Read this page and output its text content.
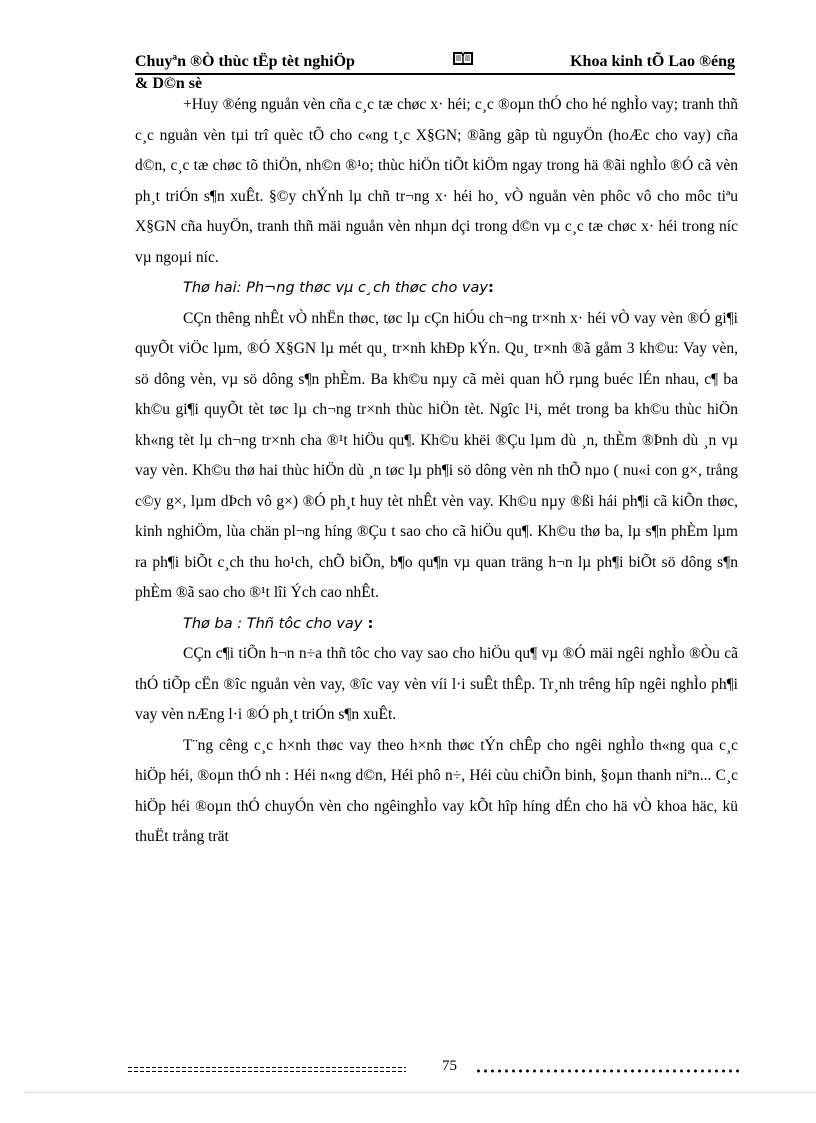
Chuyªn ®Ò thùc tËp tèt nghiÖp	Khoa kinh tÕ Lao ®éng
& D©n sè

+Huy ®éng nguån vèn cña c¸c tæ chøc x· héi; c¸c ®oµn thÓ cho hé nghÌo vay; tranh thñ c¸c nguån vèn tµi trî quèc tÕ cho c«ng t¸c X§GN; ®ãng gãp tù nguyÖn (hoÆc cho vay) cña d©n, c¸c tæ chøc tõ thiÖn, nh©n ®¹o; thùc hiÖn tiÕt kiÖm ngay trong hä ®ãi nghÌo ®Ó cã vèn ph¸t triÓn s¶n xuÊt. §©y chÝnh lµ chñ tr¬ng x· héi ho¸ vÒ nguån vèn phôc vô cho môc tiªu X§GN cña huyÖn, tranh thñ mäi nguån vèn nhµn dçi trong d©n vµ c¸c tæ chøc x· héi trong níc vµ ngoµi níc.

Thø hai: Ph¬ng thøc vµ c¸ch thøc cho vay:

CÇn thêng nhÊt vÒ nhËn thøc, tøc lµ cÇn hiÓu ch¬ng tr×nh x· héi vÒ vay vèn ®Ó gi¶i quyÕt viÖc lµm, ®Ó X§GN lµ mét qu¸ tr×nh khÐp kÝn. Qu¸ tr×nh ®ã gåm 3 kh©u: Vay vèn, sö dông vèn, vµ sö dông s¶n phÈm. Ba kh©u nµy cã mèi quan hÖ rµng buéc lÉn nhau, c¶ ba kh©u gi¶i quyÕt tèt tøc lµ ch¬ng tr×nh thùc hiÖn tèt. Ngîc l¹i, mét trong ba kh©u thùc hiÖn kh«ng tèt lµ ch¬ng tr×nh cha ®¹t hiÖu qu¶. Kh©u khëi ®Çu lµm dù ¸n, thÈm ®Þnh dù ¸n vµ vay vèn. Kh©u thø hai thùc hiÖn dù ¸n tøc lµ ph¶i sö dông vèn nh thÕ nµo ( nu«i con g×, trång c©y g×, lµm dÞch vô g×) ®Ó ph¸t huy tèt nhÊt vèn vay. Kh©u nµy ®ßi hái ph¶i cã kiÕn thøc, kinh nghiÖm, lùa chän pl¬ng híng ®Çu t sao cho cã hiÖu qu¶. Kh©u thø ba, lµ s¶n phÈm lµm ra ph¶i biÕt c¸ch thu ho¹ch, chÕ biÕn, b¶o qu¶n vµ quan träng h¬n lµ ph¶i biÕt sö dông s¶n phÈm ®ã sao cho ®¹t lîi Ých cao nhÊt.

Thø ba : Thñ tôc cho vay :

CÇn c¶i tiÕn h¬n n÷a thñ tôc cho vay sao cho hiÖu qu¶ vµ ®Ó mäi ngêi nghÌo ®Òu cã thÓ tiÕp cËn ®îc nguån vèn vay, ®îc vay vèn víi l·i suÊt thÊp. Tr¸nh trêng hîp ngêi nghÌo ph¶i vay vèn nÆng l·i ®Ó ph¸t triÓn s¶n xuÊt.

T¨ng cêng c¸c h×nh thøc vay theo h×nh thøc tÝn chÊp cho ngêi nghÌo th«ng qua c¸c hiÖp héi, ®oµn thÓ nh : Héi n«ng d©n, Héi phô n÷, Héi cùu chiÕn binh, §oµn thanh niªn... C¸c hiÖp héi ®oµn thÓ chuyÓn vèn cho ngêinghÌo vay kÕt hîp híng dÉn cho hä vÒ khoa häc, kü thuËt trång trät

75
